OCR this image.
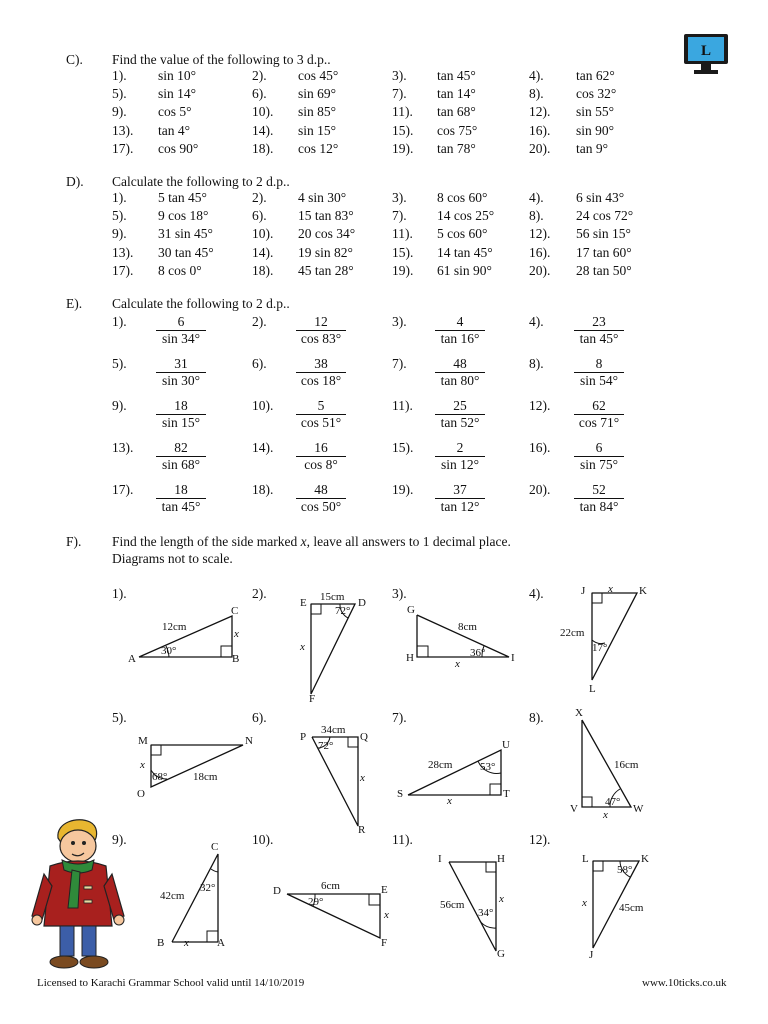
L
C). Find the value of the following to 3 d.p..
1). sin 10°	2). cos 45°	3). tan 45°	4). tan 62°
5). sin 14°	6). sin 69°	7). tan 14°	8). cos 32°
9). cos 5°	10). sin 85°	11). tan 68°	12). sin 55°
13). tan 4°	14). sin 15°	15). cos 75°	16). sin 90°
17). cos 90°	18). cos 12°	19). tan 78°	20). tan 9°
D). Calculate the following to 2 d.p..
1). 5 tan 45°	2). 4 sin 30°	3). 8 cos 60°	4). 6 sin 43°
5). 9 cos 18°	6). 15 tan 83°	7). 14 cos 25°	8). 24 cos 72°
9). 31 sin 45°	10). 20 cos 34°	11). 5 cos 60°	12). 56 sin 15°
13). 30 tan 45°	14). 19 sin 82°	15). 14 tan 45°	16). 17 tan 60°
17). 8 cos 0°	18). 45 tan 28°	19). 61 sin 90°	20). 28 tan 50°
E). Calculate the following to 2 d.p..
1). $\frac{6}{\sin 34^\circ}$	2). $\frac{12}{\cos 83^\circ}$	3). $\frac{4}{\tan 16^\circ}$	4). $\frac{23}{\tan 45^\circ}$
5). $\frac{31}{\sin 30^\circ}$	6). $\frac{38}{\cos 18^\circ}$	7). $\frac{48}{\tan 80^\circ}$	8). $\frac{8}{\sin 54^\circ}$
9). $\frac{18}{\sin 15^\circ}$	10). $\frac{5}{\cos 51^\circ}$	11). $\frac{25}{\tan 52^\circ}$	12). $\frac{62}{\cos 71^\circ}$
13). $\frac{82}{\sin 68^\circ}$	14). $\frac{16}{\cos 8^\circ}$	15). $\frac{2}{\sin 12^\circ}$	16). $\frac{6}{\sin 75^\circ}$
17). $\frac{18}{\tan 45^\circ}$	18). $\frac{48}{\cos 50^\circ}$	19). $\frac{37}{\tan 12^\circ}$	20). $\frac{52}{\tan 84^\circ}$
F). Find the length of the side marked x, leave all answers to 1 decimal place.
Diagrams not to scale.
1).	2).	3).	4).
5).	6).	7).	8).
9).	10).	11).	12).
A	B
C
12cm
30°
x
E	D
F
15cm
72°
x
G
H	I
8cm
36°
x
J	K
L
22cm
17°
x
M	N
O
18cm
68°
x
P	Q
R
34cm
72°
x
S	T
U
28cm	53°
x
X
V	W
16cm
47°
x
C
B	A
42cm
32°
x
D	E
F
6cm
29°
x
I	H
G
56cm
34°
x
L	K
J
45cm
58°
x
Licensed to Karachi Grammar School valid until 14/10/2019	www.10ticks.co.uk
